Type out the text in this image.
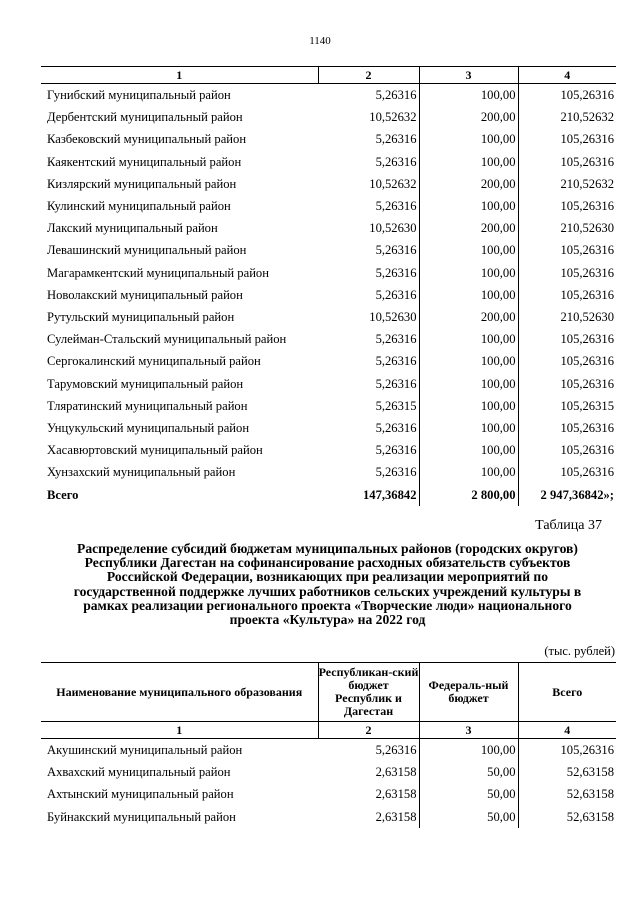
1140
1	2	3	4
Гунибский муниципальный район	5,26316	100,00	105,26316
Дербентский муниципальный район	10,52632	200,00	210,52632
Казбековский муниципальный район	5,26316	100,00	105,26316
Каякентский муниципальный район	5,26316	100,00	105,26316
Кизлярский муниципальный район	10,52632	200,00	210,52632
Кулинский муниципальный район	5,26316	100,00	105,26316
Лакский муниципальный район	10,52630	200,00	210,52630
Левашинский муниципальный район	5,26316	100,00	105,26316
Магарамкентский муниципальный район	5,26316	100,00	105,26316
Новолакский муниципальный район	5,26316	100,00	105,26316
Рутульский муниципальный район	10,52630	200,00	210,52630
Сулейман-Стальский муниципальный район	5,26316	100,00	105,26316
Сергокалинский муниципальный район	5,26316	100,00	105,26316
Тарумовский муниципальный район	5,26316	100,00	105,26316
Тляратинский муниципальный район	5,26315	100,00	105,26315
Унцукульский муниципальный район	5,26316	100,00	105,26316
Хасавюртовский муниципальный район	5,26316	100,00	105,26316
Хунзахский муниципальный район	5,26316	100,00	105,26316
Всего	147,36842	2 800,00	2 947,36842»;
Таблица 37
Распределение субсидий бюджетам муниципальных районов (городских округов) Республики Дагестан на софинансирование расходных обязательств субъектов Российской Федерации, возникающих при реализации мероприятий по государственной поддержке лучших работников сельских учреждений культуры в рамках реализации регионального проекта «Творческие люди» национального проекта «Культура» на 2022 год
(тыс. рублей)
Наименование муниципального образования	Республикан-ский бюджет Республик и Дагестан	Федераль-ный бюджет	Всего
1	2	3	4
Акушинский муниципальный район	5,26316	100,00	105,26316
Ахвахский муниципальный район	2,63158	50,00	52,63158
Ахтынский муниципальный район	2,63158	50,00	52,63158
Буйнакский муниципальный район	2,63158	50,00	52,63158
